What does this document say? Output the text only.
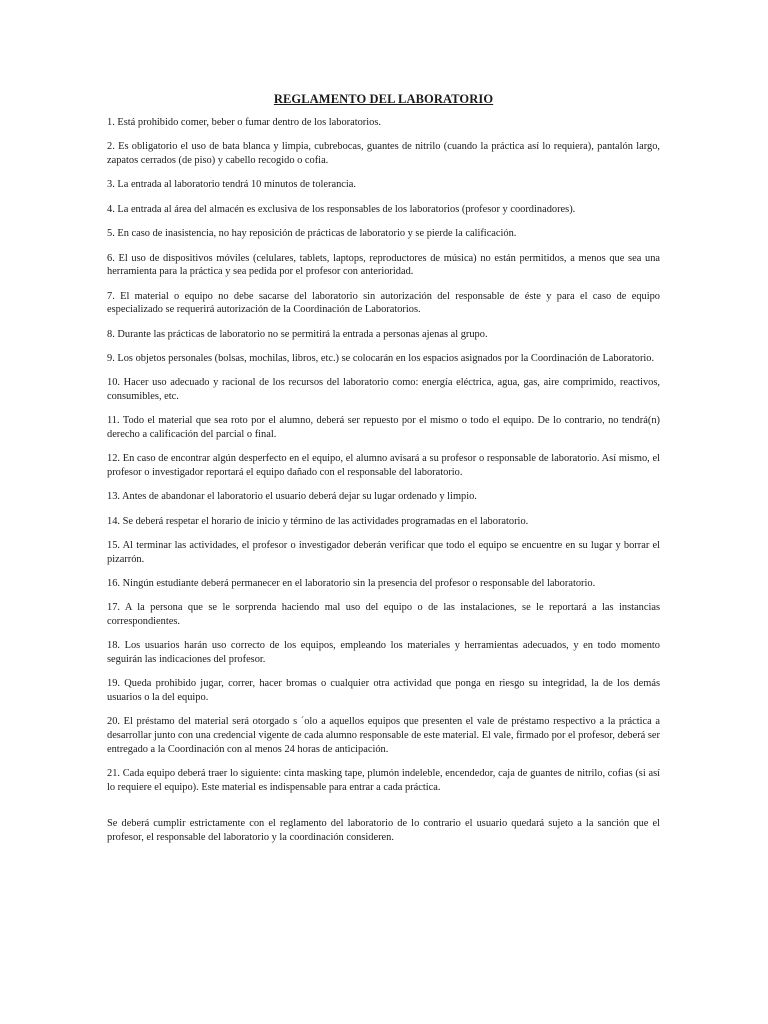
REGLAMENTO DEL LABORATORIO

1. Está prohibido comer, beber o fumar dentro de los laboratorios.

2. Es obligatorio el uso de bata blanca y limpia, cubrebocas, guantes de nitrilo (cuando la práctica así lo requiera), pantalón largo, zapatos cerrados (de piso) y cabello recogido o cofia.

3. La entrada al laboratorio tendrá 10 minutos de tolerancia.

4. La entrada al área del almacén es exclusiva de los responsables de los laboratorios (profesor y coordinadores).

5. En caso de inasistencia, no hay reposición de prácticas de laboratorio y se pierde la calificación.

6. El uso de dispositivos móviles (celulares, tablets, laptops, reproductores de música) no están permitidos, a menos que sea una herramienta para la práctica y sea pedida por el profesor con anterioridad.

7. El material o equipo no debe sacarse del laboratorio sin autorización del responsable de éste y para el caso de equipo especializado se requerirá autorización de la Coordinación de Laboratorios.

8. Durante las prácticas de laboratorio no se permitirá la entrada a personas ajenas al grupo.

9. Los objetos personales (bolsas, mochilas, libros, etc.) se colocarán en los espacios asignados por la Coordinación de Laboratorio.

10. Hacer uso adecuado y racional de los recursos del laboratorio como: energía eléctrica, agua, gas, aire comprimido, reactivos, consumibles, etc.

11. Todo el material que sea roto por el alumno, deberá ser repuesto por el mismo o todo el equipo. De lo contrario, no tendrá(n) derecho a calificación del parcial o final.

12. En caso de encontrar algún desperfecto en el equipo, el alumno avisará a su profesor o responsable de laboratorio. Así mismo, el profesor o investigador reportará el equipo dañado con el responsable del laboratorio.

13. Antes de abandonar el laboratorio el usuario deberá dejar su lugar ordenado y limpio.

14. Se deberá respetar el horario de inicio y término de las actividades programadas en el laboratorio.

15. Al terminar las actividades, el profesor o investigador deberán verificar que todo el equipo se encuentre en su lugar y borrar el pizarrón.

16. Ningún estudiante deberá permanecer en el laboratorio sin la presencia del profesor o responsable del laboratorio.

17. A la persona que se le sorprenda haciendo mal uso del equipo o de las instalaciones, se le reportará a las instancias correspondientes.

18. Los usuarios harán uso correcto de los equipos, empleando los materiales y herramientas adecuados, y en todo momento seguirán las indicaciones del profesor.

19. Queda prohibido jugar, correr, hacer bromas o cualquier otra actividad que ponga en riesgo su integridad, la de los demás usuarios o la del equipo.

20. El préstamo del material será otorgado s ´olo a aquellos equipos que presenten el vale de préstamo respectivo a la práctica a desarrollar junto con una credencial vigente de cada alumno responsable de este material. El vale, firmado por el profesor, deberá ser entregado a la Coordinación con al menos 24 horas de anticipación.

21. Cada equipo deberá traer lo siguiente: cinta masking tape, plumón indeleble, encendedor, caja de guantes de nitrilo, cofias (si así lo requiere el equipo). Este material es indispensable para entrar a cada práctica.

Se deberá cumplir estrictamente con el reglamento del laboratorio de lo contrario el usuario quedará sujeto a la sanción que el profesor, el responsable del laboratorio y la coordinación consideren.
